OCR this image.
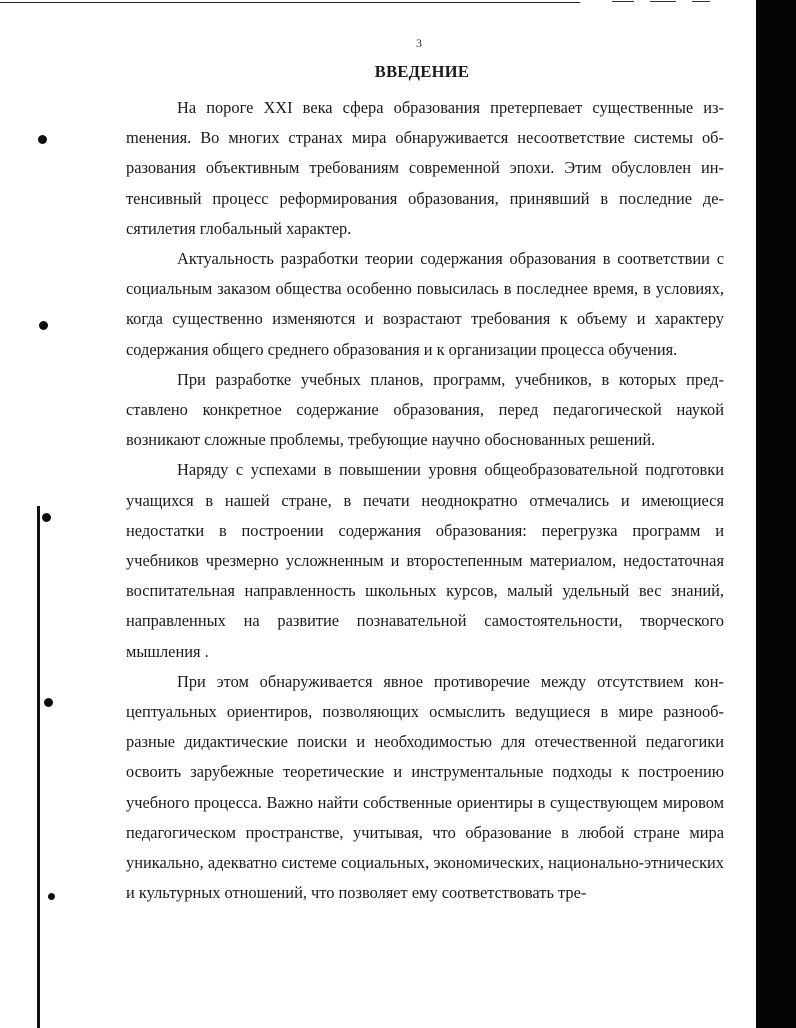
3
ВВЕДЕНИЕ

На пороге XXI века сфера образования претерпевает существенные изmенения. Во многих странах мира обнаруживается несоответствие системы образования объективным требованиям современной эпохи. Этим обусловлен интенсивный процесс реформирования образования, принявший в последние десятилетия глобальный характер.

Актуальность разработки теории содержания образования в соответствии с социальным заказом общества особенно повысилась в последнее время, в условиях, когда существенно изменяются и возрастают требования к объему и характеру содержания общего среднего образования и к организации процесса обучения.

При разработке учебных планов, программ, учебников, в которых представлено конкретное содержание образования, перед педагогической наукой возникают сложные проблемы, требующие научно обоснованных решений.

Наряду с успехами в повышении уровня общеобразовательной подготовки учащихся в нашей стране, в печати неоднократно отмечались и имеющиеся недостатки в построении содержания образования: перегрузка программ и учебников чрезмерно усложненным и второстепенным материалом, недостаточная воспитательная направленность школьных курсов, малый удельный вес знаний, направленных на развитие познавательной самостоятельности, творческого мышления .

При этом обнаруживается явное противоречие между отсутствием концептуальных ориентиров, позволяющих осмыслить ведущиеся в мире разнообразные дидактические поиски и необходимостью для отечественной педагогики освоить зарубежные теоретические и инструментальные подходы к построению учебного процесса. Важно найти собственные ориентиры в существующем мировом педагогическом пространстве, учитывая, что образование в любой стране мира уникально, адекватно системе социальных, экономических, национально-этнических и культурных отношений, что позволяет ему соответствовать тре-
